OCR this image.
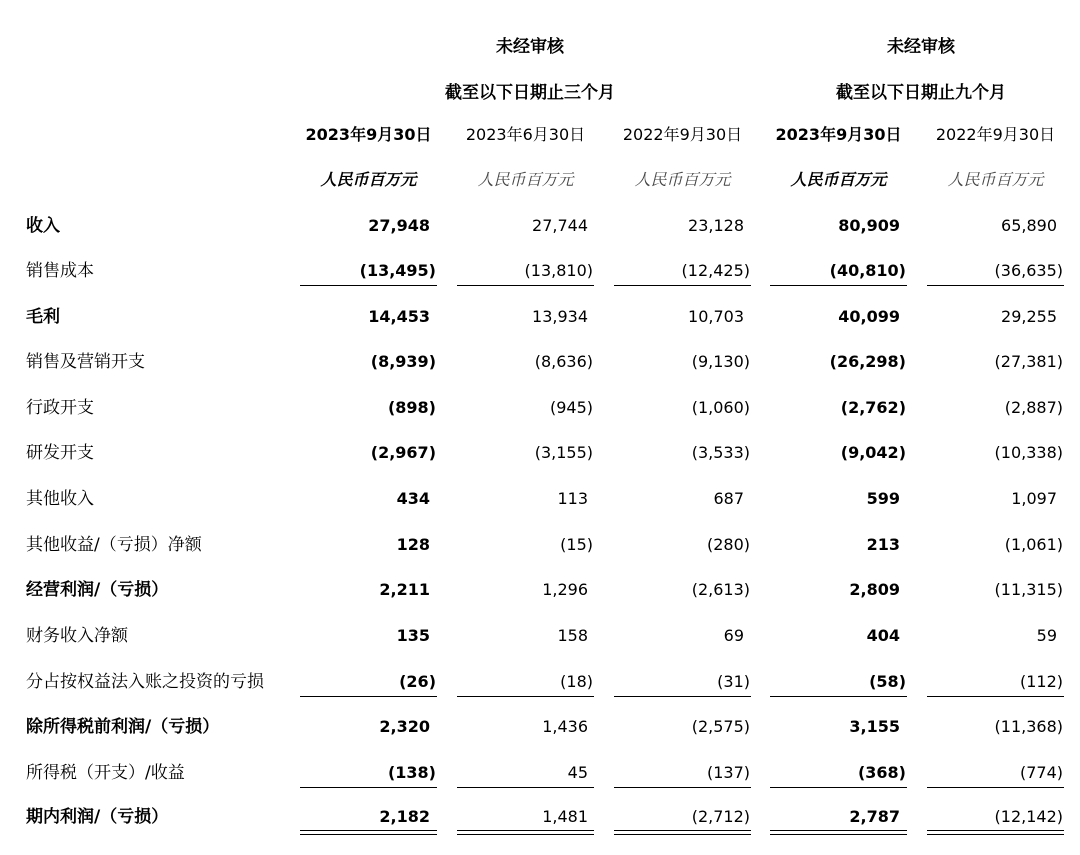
未经审核
截至以下日期止三个月
未经审核
截至以下日期止九个月
2023年9月30日	2023年6月30日	2022年9月30日	2023年9月30日	2022年9月30日
人民币百万元	人民币百万元	人民币百万元	人民币百万元	人民币百万元
收入	27,948	27,744	23,128	80,909	65,890
销售成本	(13,495)	(13,810)	(12,425)	(40,810)	(36,635)
毛利	14,453	13,934	10,703	40,099	29,255
销售及营销开支	(8,939)	(8,636)	(9,130)	(26,298)	(27,381)
行政开支	(898)	(945)	(1,060)	(2,762)	(2,887)
研发开支	(2,967)	(3,155)	(3,533)	(9,042)	(10,338)
其他收入	434	113	687	599	1,097
其他收益/（亏损）净额	128	(15)	(280)	213	(1,061)
经营利润/（亏损）	2,211	1,296	(2,613)	2,809	(11,315)
财务收入净额	135	158	69	404	59
分占按权益法入账之投资的亏损	(26)	(18)	(31)	(58)	(112)
除所得税前利润/（亏损）	2,320	1,436	(2,575)	3,155	(11,368)
所得税（开支）/收益	(138)	45	(137)	(368)	(774)
期内利润/（亏损）	2,182	1,481	(2,712)	2,787	(12,142)
